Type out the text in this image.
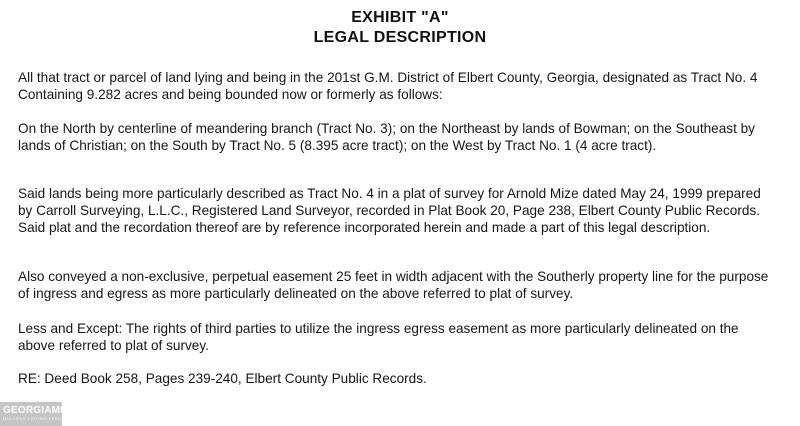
EXHIBIT "A"
LEGAL DESCRIPTION

All that tract or parcel of land lying and being in the 201st G.M. District of Elbert County, Georgia, designated as Tract No. 4 Containing 9.282 acres and being bounded now or formerly as follows:

On the North by centerline of meandering branch (Tract No. 3); on the Northeast by lands of Bowman; on the Southeast by lands of Christian; on the South by Tract No. 5 (8.395 acre tract); on the West by Tract No. 1 (4 acre tract).

Said lands being more particularly described as Tract No. 4 in a plat of survey for Arnold Mize dated May 24, 1999 prepared by Carroll Surveying, L.L.C., Registered Land Surveyor, recorded in Plat Book 20, Page 238, Elbert County Public Records. Said plat and the recordation thereof are by reference incorporated herein and made a part of this legal description.

Also conveyed a non-exclusive, perpetual easement 25 feet in width adjacent with the Southerly property line for the purpose of ingress and egress as more particularly delineated on the above referred to plat of survey.

Less and Except: The rights of third parties to utilize the ingress egress easement as more particularly delineated on the above referred to plat of survey.

RE: Deed Book 258, Pages 239-240, Elbert County Public Records.

GEORGIAMLS
MULTIPLE LISTING SERVICE
